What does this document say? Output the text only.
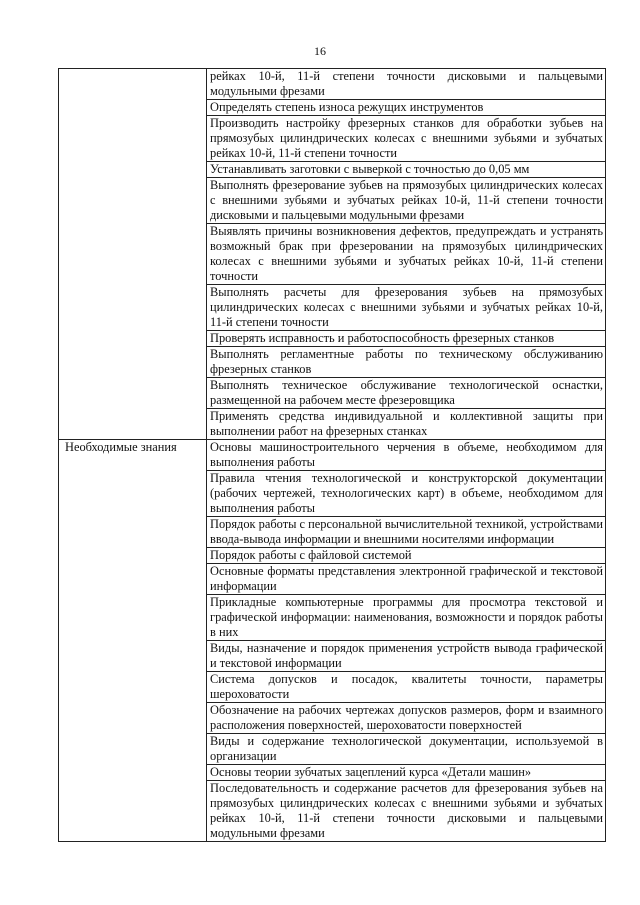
16
	рейках 10-й, 11-й степени точности дисковыми и пальцевыми модульными фрезами
	Определять степень износа режущих инструментов
	Производить настройку фрезерных станков для обработки зубьев на прямозубых цилиндрических колесах с внешними зубьями и зубчатых рейках 10-й, 11-й степени точности
	Устанавливать заготовки с выверкой с точностью до 0,05 мм
	Выполнять фрезерование зубьев на прямозубых цилиндрических колесах с внешними зубьями и зубчатых рейках 10-й, 11-й степени точности дисковыми и пальцевыми модульными фрезами
	Выявлять причины возникновения дефектов, предупреждать и устранять возможный брак при фрезеровании на прямозубых цилиндрических колесах с внешними зубьями и зубчатых рейках 10-й, 11-й степени точности
	Выполнять расчеты для фрезерования зубьев на прямозубых цилиндрических колесах с внешними зубьями и зубчатых рейках 10-й, 11-й степени точности
	Проверять исправность и работоспособность фрезерных станков
	Выполнять регламентные работы по техническому обслуживанию фрезерных станков
	Выполнять техническое обслуживание технологической оснастки, размещенной на рабочем месте фрезеровщика
	Применять средства индивидуальной и коллективной защиты при выполнении работ на фрезерных станках

Необходимые знания	Основы машиностроительного черчения в объеме, необходимом для выполнения работы
	Правила чтения технологической и конструкторской документации (рабочих чертежей, технологических карт) в объеме, необходимом для выполнения работы
	Порядок работы с персональной вычислительной техникой, устройствами ввода-вывода информации и внешними носителями информации
	Порядок работы с файловой системой
	Основные форматы представления электронной графической и текстовой информации
	Прикладные компьютерные программы для просмотра текстовой и графической информации: наименования, возможности и порядок работы в них
	Виды, назначение и порядок применения устройств вывода графической и текстовой информации
	Система допусков и посадок, квалитеты точности, параметры шероховатости
	Обозначение на рабочих чертежах допусков размеров, форм и взаимного расположения поверхностей, шероховатости поверхностей
	Виды и содержание технологической документации, используемой в организации
	Основы теории зубчатых зацеплений курса «Детали машин»
	Последовательность и содержание расчетов для фрезерования зубьев на прямозубых цилиндрических колесах с внешними зубьями и зубчатых рейках 10-й, 11-й степени точности дисковыми и пальцевыми модульными фрезами
